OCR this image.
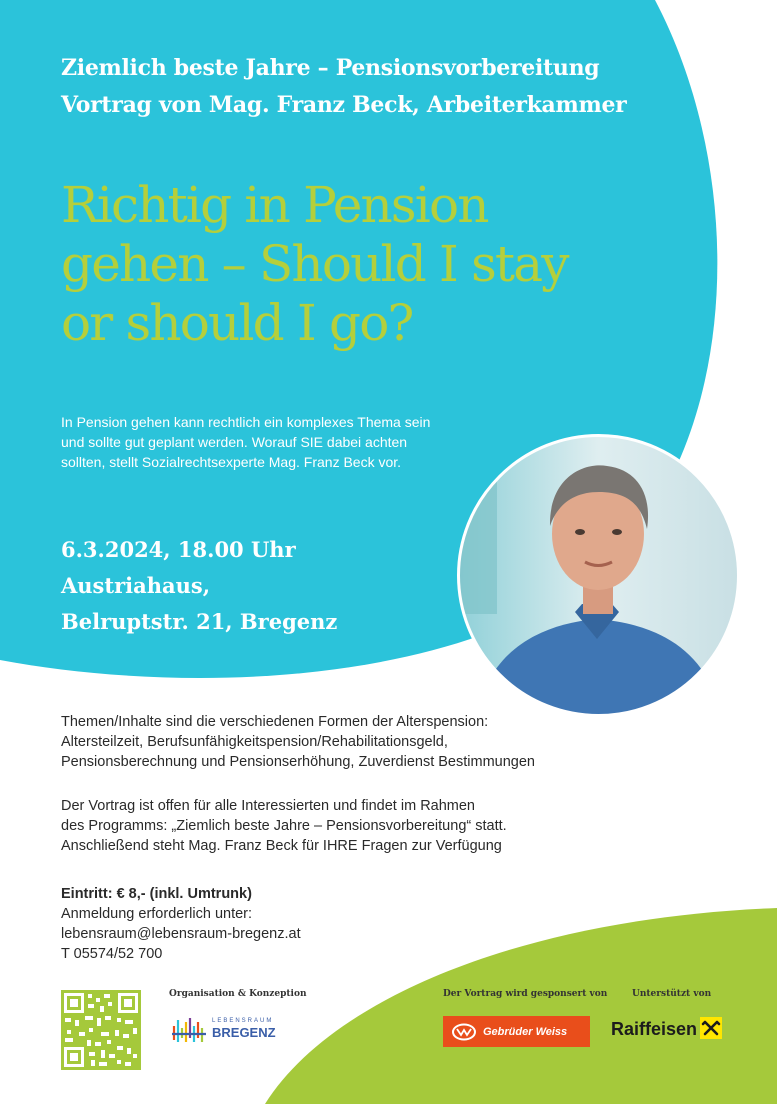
Ziemlich beste Jahre – Pensionsvorbereitung
Vortrag von Mag. Franz Beck, Arbeiterkammer
Richtig in Pension
gehen – Should I stay
or should I go?
In Pension gehen kann rechtlich ein komplexes Thema sein
und sollte gut geplant werden. Worauf SIE dabei achten
sollten, stellt Sozialrechtsexperte Mag. Franz Beck vor.
6.3.2024, 18.00 Uhr
Austriahaus,
Belruptstr. 21, Bregenz
Themen/Inhalte sind die verschiedenen Formen der Alterspension:
Altersteilzeit, Berufsunfähigkeitspension/Rehabilitationsgeld,
Pensionsberechnung und Pensionserhöhung, Zuverdienst Bestimmungen
Der Vortrag ist offen für alle Interessierten und findet im Rahmen
des Programms: „Ziemlich beste Jahre – Pensionsvorbereitung“ statt.
Anschließend steht Mag. Franz Beck für IHRE Fragen zur Verfügung
Eintritt: € 8,- (inkl. Umtrunk)
Anmeldung erforderlich unter:
lebensraum@lebensraum-bregenz.at
T 05574/52 700
Organisation & Konzeption
LEBENSRAUM
BREGENZ
Der Vortrag wird gesponsert von
Gebrüder Weiss
Unterstützt von
Raiffeisen
